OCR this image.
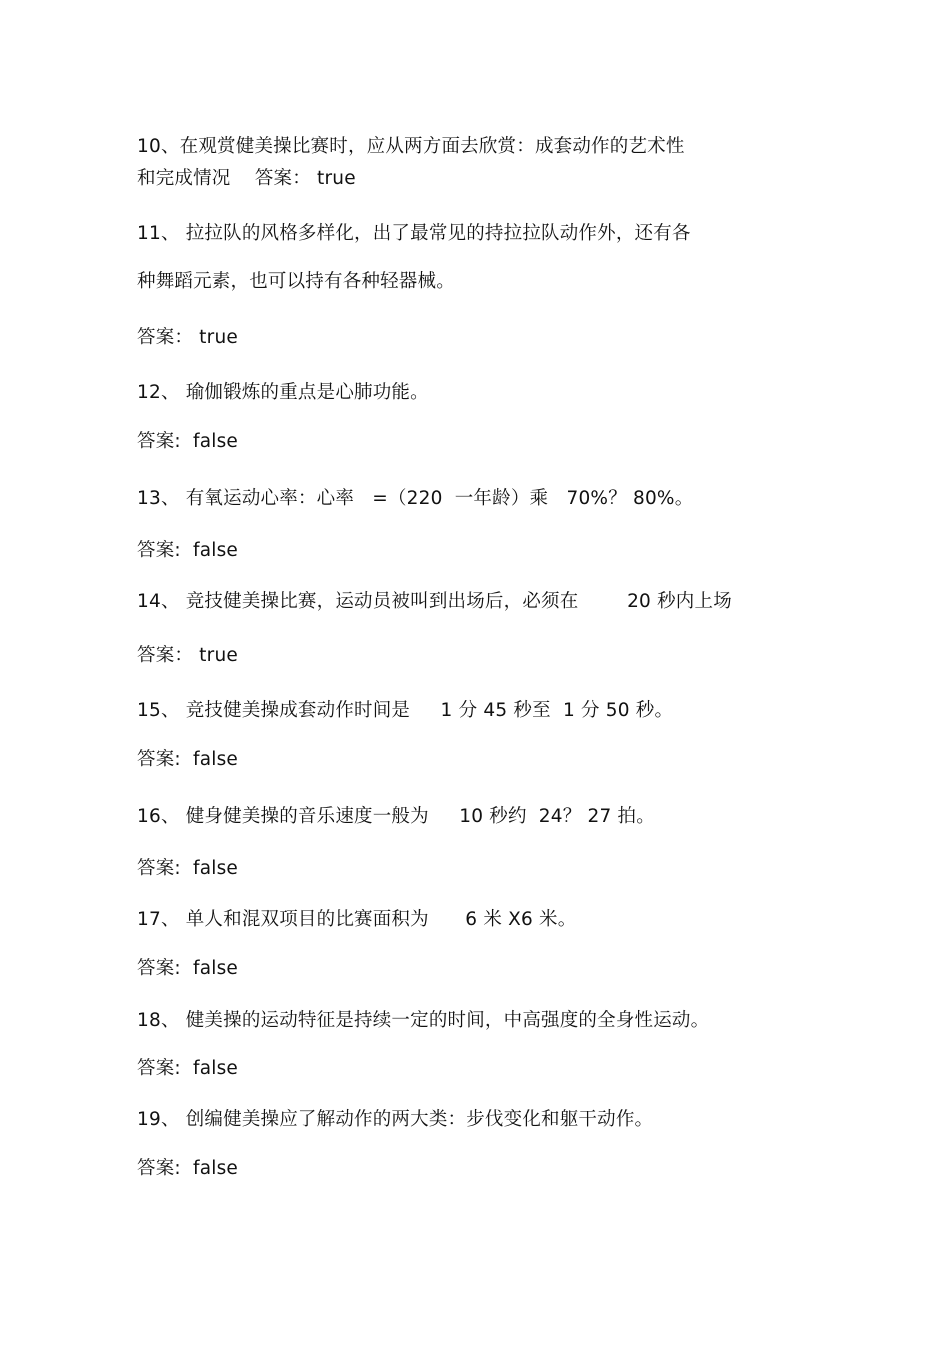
10、在观赏健美操比赛时，应从两方面去欣赏：成套动作的艺术性
和完成情况    答案： true
11、 拉拉队的风格多样化，出了最常见的持拉拉队动作外，还有各
种舞蹈元素，也可以持有各种轻器械。
答案： true
12、 瑜伽锻炼的重点是心肺功能。
答案:  false
13、 有氧运动心率：心率   =（220  一年龄）乘   70%？ 80%。
答案:  false
14、 竞技健美操比赛，运动员被叫到出场后，必须在        20 秒内上场
答案： true
15、 竞技健美操成套动作时间是     1 分 45 秒至  1 分 50 秒。
答案:  false
16、 健身健美操的音乐速度一般为     10 秒约  24？ 27 拍。
答案:  false
17、 单人和混双项目的比赛面积为      6 米 X6 米。
答案:  false
18、 健美操的运动特征是持续一定的时间，中高强度的全身性运动。
答案:  false
19、 创编健美操应了解动作的两大类：步伐变化和躯干动作。
答案:  false
